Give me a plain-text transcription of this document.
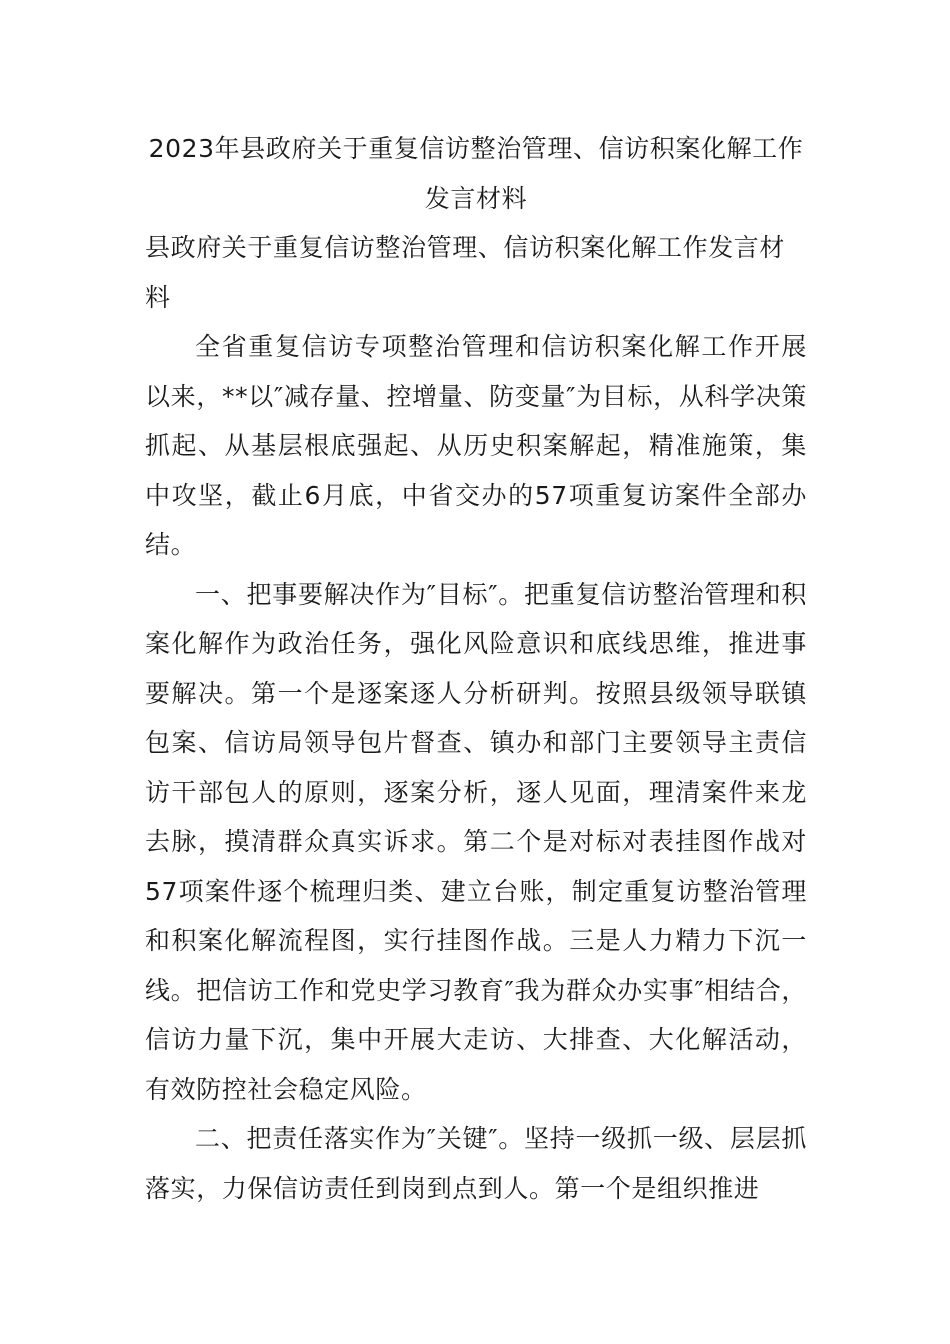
2023年县政府关于重复信访整治管理、信访积案化解工作发言材料

县政府关于重复信访整治管理、信访积案化解工作发言材料

全省重复信访专项整治管理和信访积案化解工作开展以来，**以″减存量、控增量、防变量″为目标，从科学决策抓起、从基层根底强起、从历史积案解起，精准施策，集中攻坚，截止6月底，中省交办的57项重复访案件全部办结。

一、把事要解决作为″目标″。把重复信访整治管理和积案化解作为政治任务，强化风险意识和底线思维，推进事要解决。第一个是逐案逐人分析研判。按照县级领导联镇包案、信访局领导包片督查、镇办和部门主要领导主责信访干部包人的原则，逐案分析，逐人见面，理清案件来龙去脉，摸清群众真实诉求。第二个是对标对表挂图作战对57项案件逐个梳理归类、建立台账，制定重复访整治管理和积案化解流程图，实行挂图作战。三是人力精力下沉一线。把信访工作和党史学习教育″我为群众办实事″相结合，信访力量下沉，集中开展大走访、大排查、大化解活动，有效防控社会稳定风险。

二、把责任落实作为″关键″。坚持一级抓一级、层层抓落实，力保信访责任到岗到点到人。第一个是组织推进
